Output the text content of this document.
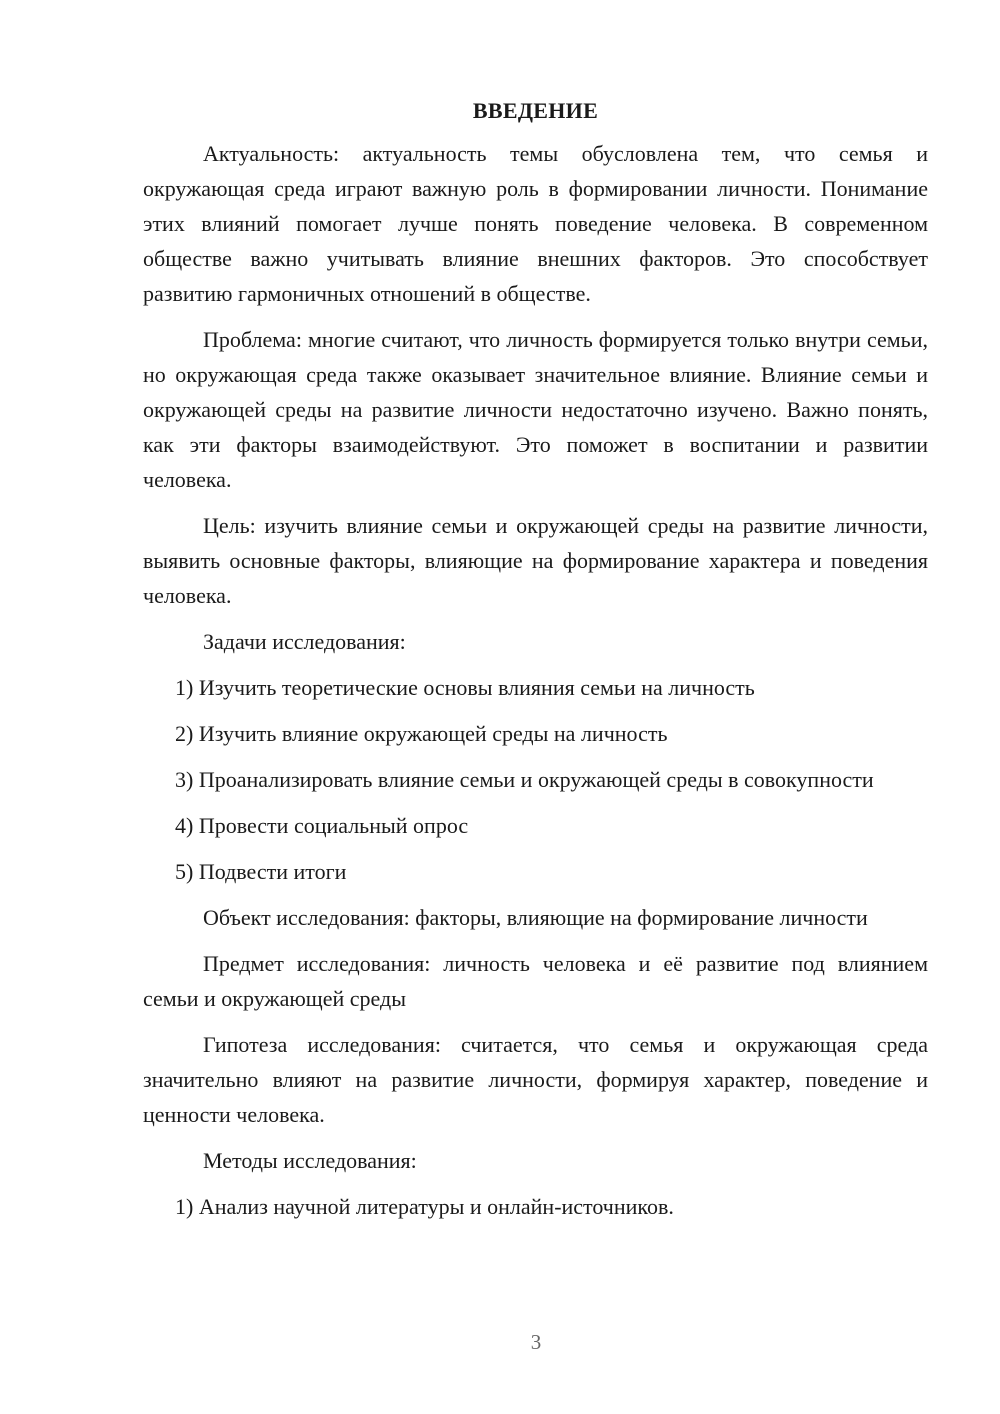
ВВЕДЕНИЕ

Актуальность: актуальность темы обусловлена тем, что семья и окружающая среда играют важную роль в формировании личности. Понимание этих влияний помогает лучше понять поведение человека. В современном обществе важно учитывать влияние внешних факторов. Это способствует развитию гармоничных отношений в обществе.

Проблема: многие считают, что личность формируется только внутри семьи, но окружающая среда также оказывает значительное влияние. Влияние семьи и окружающей среды на развитие личности недостаточно изучено. Важно понять, как эти факторы взаимодействуют. Это поможет в воспитании и развитии человека.

Цель: изучить влияние семьи и окружающей среды на развитие личности, выявить основные факторы, влияющие на формирование характера и поведения человека.

Задачи исследования:

1) Изучить теоретические основы влияния семьи на личность

2) Изучить влияние окружающей среды на личность

3) Проанализировать влияние семьи и окружающей среды в совокупности

4) Провести социальный опрос

5) Подвести итоги

Объект исследования: факторы, влияющие на формирование личности

Предмет исследования: личность человека и её развитие под влиянием семьи и окружающей среды

Гипотеза исследования: считается, что семья и окружающая среда значительно влияют на развитие личности, формируя характер, поведение и ценности человека.

Методы исследования:

1) Анализ научной литературы и онлайн-источников.

3
